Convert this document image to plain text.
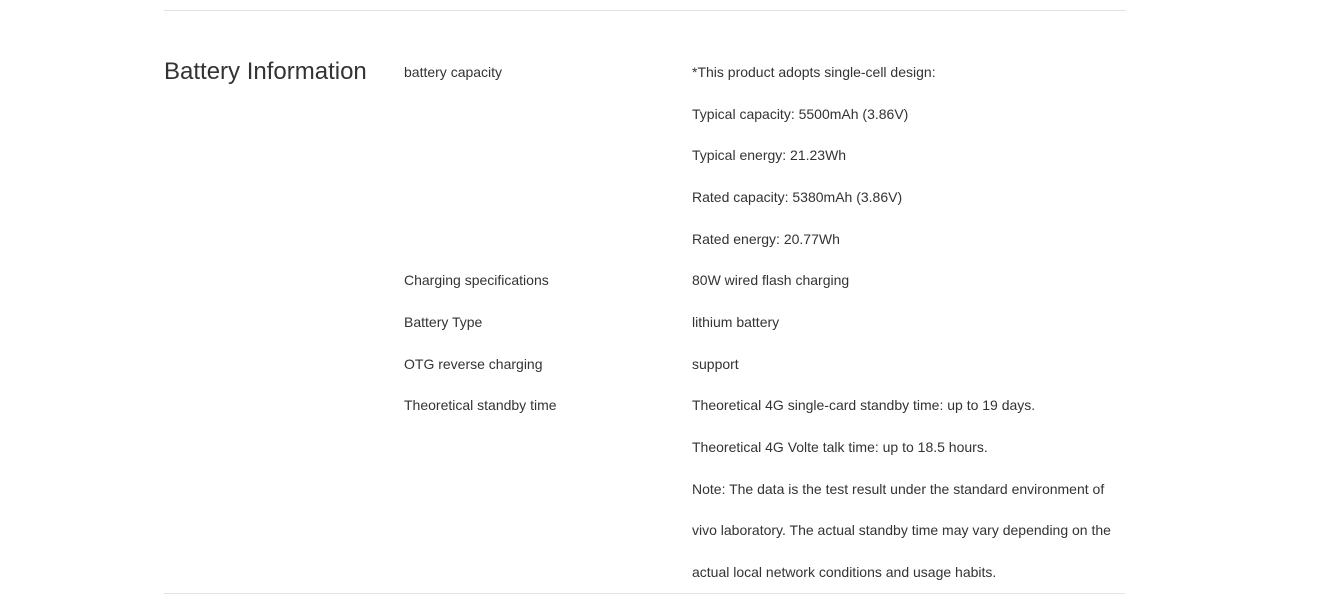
Battery Information	battery capacity	*This product adopts single-cell design:
Typical capacity: 5500mAh (3.86V)
Typical energy: 21.23Wh
Rated capacity: 5380mAh (3.86V)
Rated energy: 20.77Wh
Charging specifications	80W wired flash charging
Battery Type	lithium battery
OTG reverse charging	support
Theoretical standby time	Theoretical 4G single-card standby time: up to 19 days.
Theoretical 4G Volte talk time: up to 18.5 hours.
Note: The data is the test result under the standard environment of
vivo laboratory. The actual standby time may vary depending on the
actual local network conditions and usage habits.
